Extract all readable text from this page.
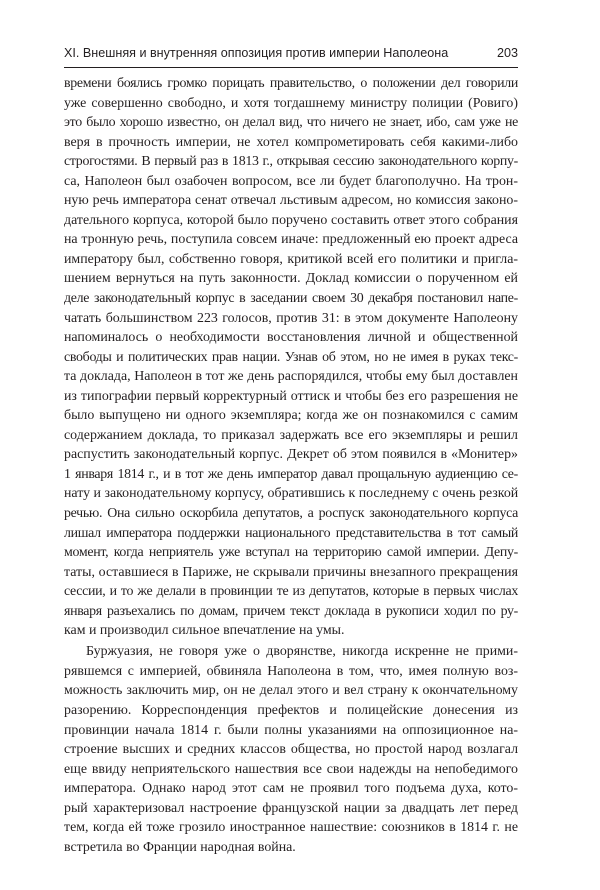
XI. Внешняя и внутренняя оппозиция против империи Наполеона	203
времени боялись громко порицать правительство, о положении дел говорили
уже совершенно свободно, и хотя тогдашнему министру полиции (Ровиго)
это было хорошо известно, он делал вид, что ничего не знает, ибо, сам уже не
веря в прочность империи, не хотел компрометировать себя какими-либо
строгостями. В первый раз в 1813 г., открывая сессию законодательного корпу-
са, Наполеон был озабочен вопросом, все ли будет благополучно. На трон-
ную речь императора сенат отвечал льстивым адресом, но комиссия законо-
дательного корпуса, которой было поручено составить ответ этого собрания
на тронную речь, поступила совсем иначе: предложенный ею проект адреса
императору был, собственно говоря, критикой всей его политики и пригла-
шением вернуться на путь законности. Доклад комиссии о порученном ей
деле законодательный корпус в заседании своем 30 декабря постановил напе-
чатать большинством 223 голосов, против 31: в этом документе Наполеону
напоминалось о необходимости восстановления личной и общественной
свободы и политических прав нации. Узнав об этом, но не имея в руках текс-
та доклада, Наполеон в тот же день распорядился, чтобы ему был доставлен
из типографии первый корректурный оттиск и чтобы без его разрешения не
было выпущено ни одного экземпляра; когда же он познакомился с самим
содержанием доклада, то приказал задержать все его экземпляры и решил
распустить законодательный корпус. Декрет об этом появился в «Монитер»
1 января 1814 г., и в тот же день император давал прощальную аудиенцию се-
нату и законодательному корпусу, обратившись к последнему с очень резкой
речью. Она сильно оскорбила депутатов, а роспуск законодательного корпуса
лишал императора поддержки национального представительства в тот самый
момент, когда неприятель уже вступал на территорию самой империи. Депу-
таты, оставшиеся в Париже, не скрывали причины внезапного прекращения
сессии, и то же делали в провинции те из депутатов, которые в первых числах
января разъехались по домам, причем текст доклада в рукописи ходил по ру-
кам и производил сильное впечатление на умы.
Буржуазия, не говоря уже о дворянстве, никогда искренне не прими-
рявшемся с империей, обвиняла Наполеона в том, что, имея полную воз-
можность заключить мир, он не делал этого и вел страну к окончательному
разорению. Корреспонденция префектов и полицейские донесения из
провинции начала 1814 г. были полны указаниями на оппозиционное на-
строение высших и средних классов общества, но простой народ возлагал
еще ввиду неприятельского нашествия все свои надежды на непобедимого
императора. Однако народ этот сам не проявил того подъема духа, кото-
рый характеризовал настроение французской нации за двадцать лет перед
тем, когда ей тоже грозило иностранное нашествие: союзников в 1814 г. не
встретила во Франции народная война.
